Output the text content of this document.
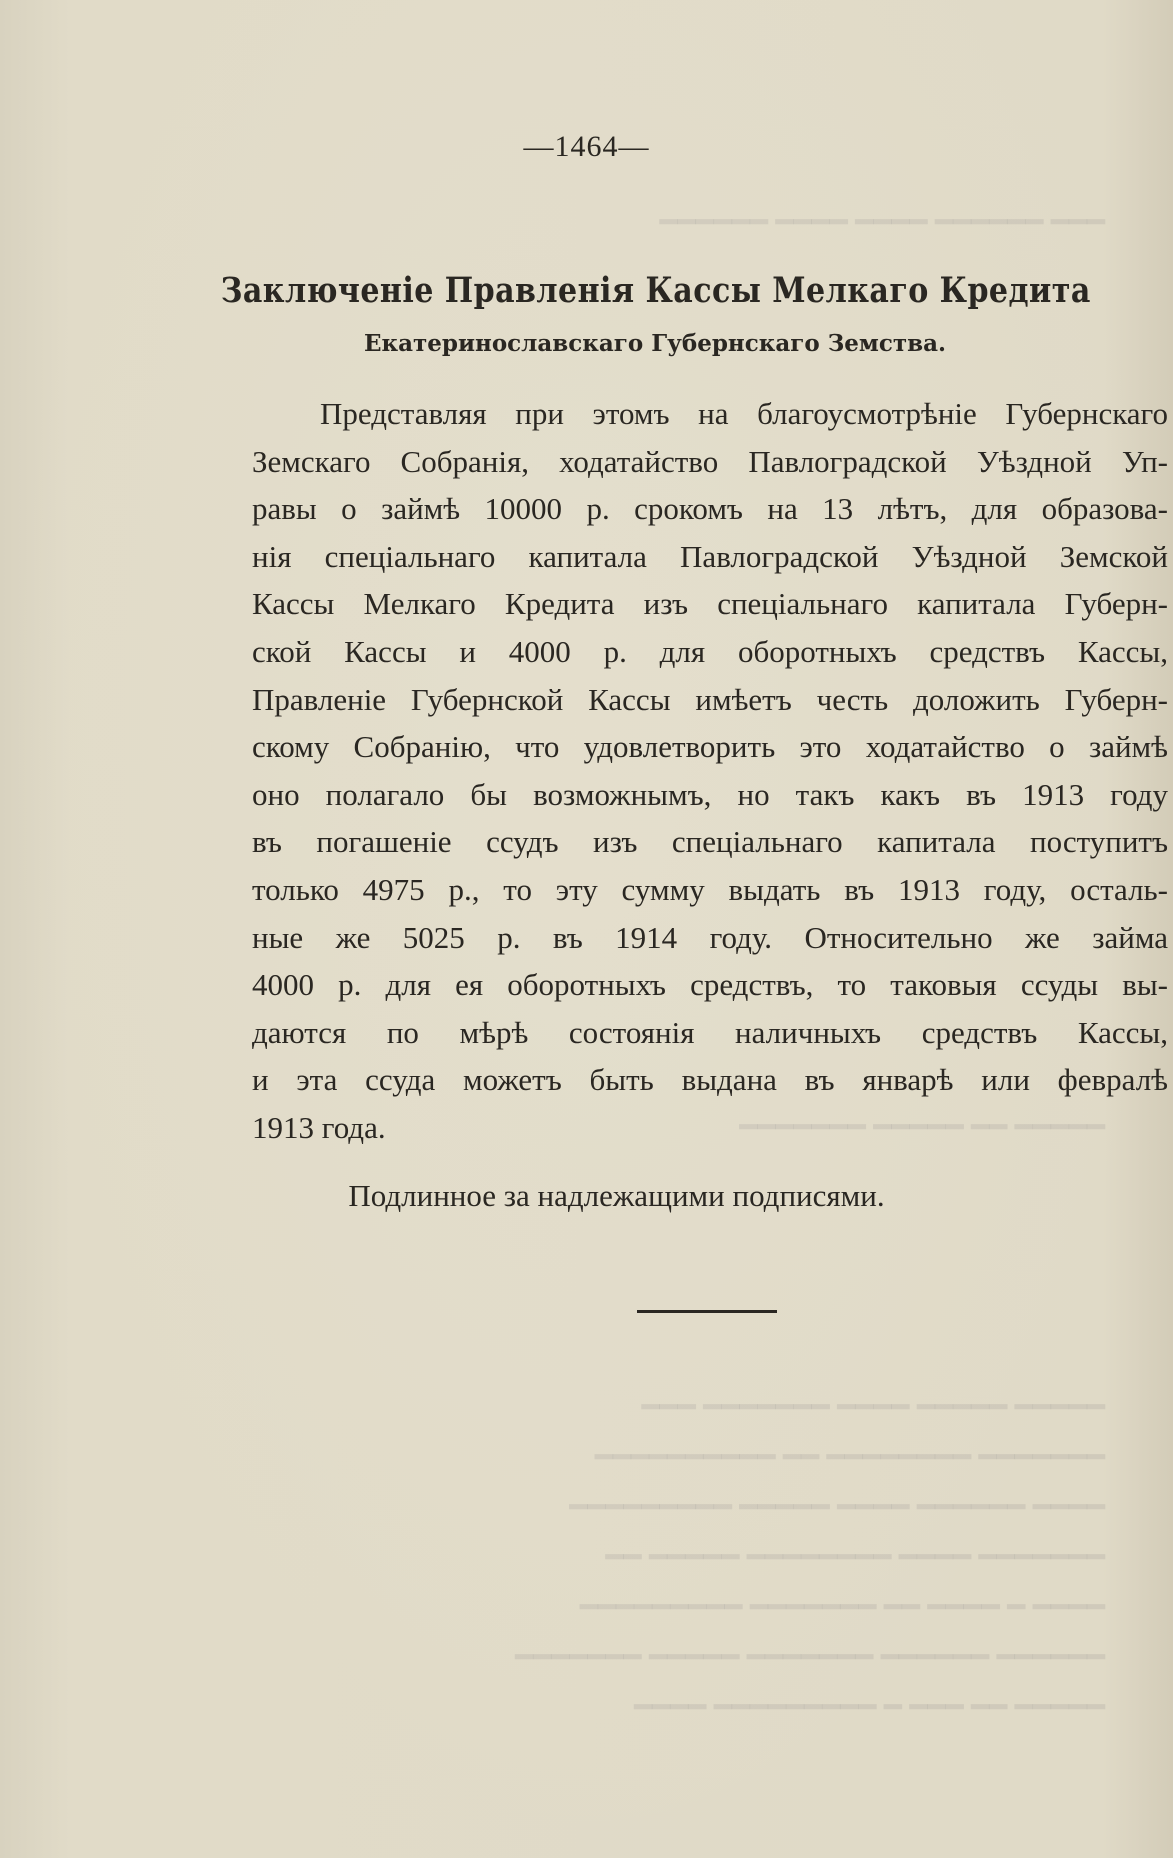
━━━ ━━━━━━ ━━━━ ━━━━ ━━━━━━
━━━━━ ━━ ━━━━━ ━━━━━━━
━━━━━ ━━━━━ ━━━━ ━━━━━━━ ━━━
━━━━━━━ ━━━━━━━━ ━━ ━━━━━━━━━━
━━━━ ━━━━━━ ━━━━ ━━━━━ ━━━━━━━━━
━━━━━━━ ━━━━ ━━━━━━━━ ━━━━━ ━━
━━━━ ━ ━━━━ ━━ ━━━━━━━ ━━━━━━━━━
━━━━━━ ━━━━━━ ━━━━━━━ ━━━━━ ━━━━━━━
━━━━━ ━━ ━━━ ━ ━━━━━━━━━ ━━━━
—1464—
Заключенiе Правленiя Кассы Мелкаго Кредита
Екатеринославскаго Губернскаго Земства.
Представляя при этомъ на благоусмотрѣнiе Губернскаго
Земскаго Собранiя, ходатайство Павлоградской Уѣздной Уп-
равы о займѣ 10000 р. срокомъ на 13 лѣтъ, для образова-
нiя спецiальнаго капитала Павлоградской Уѣздной Земской
Кассы Мелкаго Кредита изъ спецiальнаго капитала Губерн-
ской Кассы и 4000 р. для оборотныхъ средствъ Кассы,
Правленiе Губернской Кассы имѣетъ честь доложить Губерн-
скому Собранiю, что удовлетворить это ходатайство о займѣ
оно полагало бы возможнымъ, но такъ какъ въ 1913 году
въ погашенiе ссудъ изъ спецiальнаго капитала поступитъ
только 4975 р., то эту сумму выдать въ 1913 году, осталь-
ные же 5025 р. въ 1914 году. Относительно же займа
4000 р. для ея оборотныхъ средствъ, то таковыя ссуды вы-
даются по мѣрѣ состоянiя наличныхъ средствъ Кассы,
и эта ссуда можетъ быть выдана въ январѣ или февралѣ
1913 года.
Подлинное за надлежащими подписями.
